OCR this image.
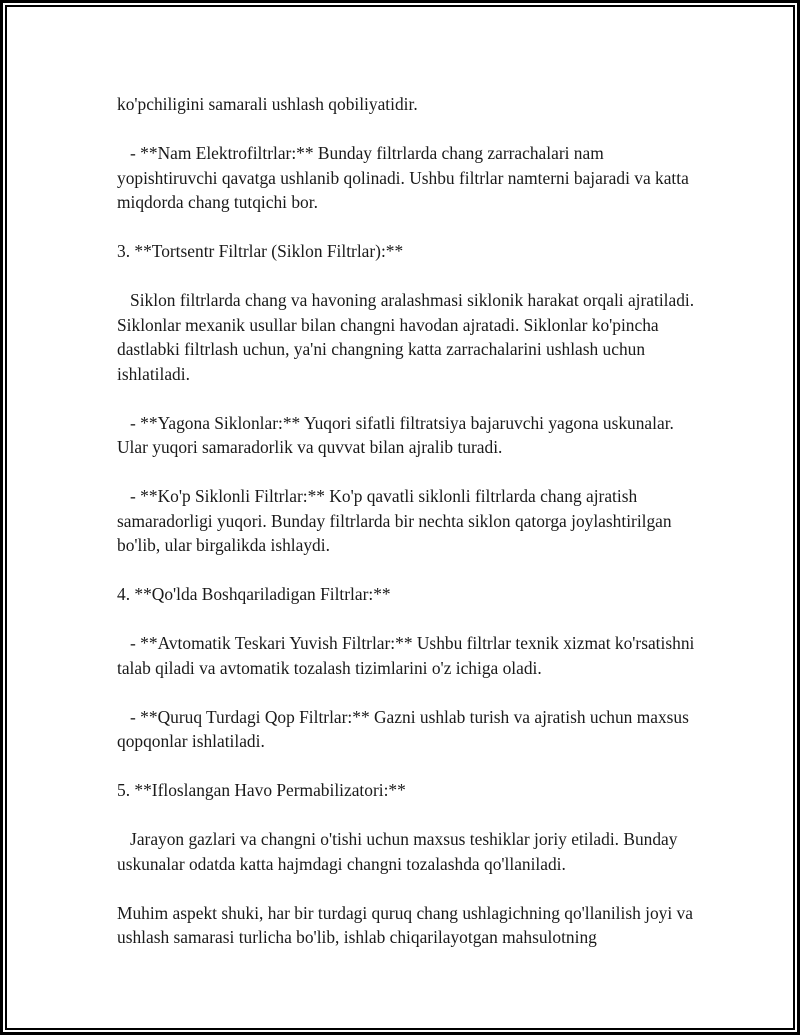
ko'pchiligini samarali ushlash qobiliyatidir.

- **Nam Elektrofiltrlar:** Bunday filtrlarda chang zarrachalari nam yopishtiruvchi qavatga ushlanib qolinadi. Ushbu filtrlar namterni bajaradi va katta miqdorda chang tutqichi bor.

3. **Tortsentr Filtrlar (Siklon Filtrlar):**

Siklon filtrlarda chang va havoning aralashmasi siklonik harakat orqali ajratiladi. Siklonlar mexanik usullar bilan changni havodan ajratadi. Siklonlar ko'pincha dastlabki filtrlash uchun, ya'ni changning katta zarrachalarini ushlash uchun ishlatiladi.

- **Yagona Siklonlar:** Yuqori sifatli filtratsiya bajaruvchi yagona uskunalar. Ular yuqori samaradorlik va quvvat bilan ajralib turadi.

- **Ko'p Siklonli Filtrlar:** Ko'p qavatli siklonli filtrlarda chang ajratish samaradorligi yuqori. Bunday filtrlarda bir nechta siklon qatorga joylashtirilgan bo'lib, ular birgalikda ishlaydi.

4. **Qo'lda Boshqariladigan Filtrlar:**

- **Avtomatik Teskari Yuvish Filtrlar:** Ushbu filtrlar texnik xizmat ko'rsatishni talab qiladi va avtomatik tozalash tizimlarini o'z ichiga oladi.

- **Quruq Turdagi Qop Filtrlar:** Gazni ushlab turish va ajratish uchun maxsus qopqonlar ishlatiladi.

5. **Ifloslangan Havo Permabilizatori:**

Jarayon gazlari va changni o'tishi uchun maxsus teshiklar joriy etiladi. Bunday uskunalar odatda katta hajmdagi changni tozalashda qo'llaniladi.

Muhim aspekt shuki, har bir turdagi quruq chang ushlagichning qo'llanilish joyi va ushlash samarasi turlicha bo'lib, ishlab chiqarilayotgan mahsulotning
